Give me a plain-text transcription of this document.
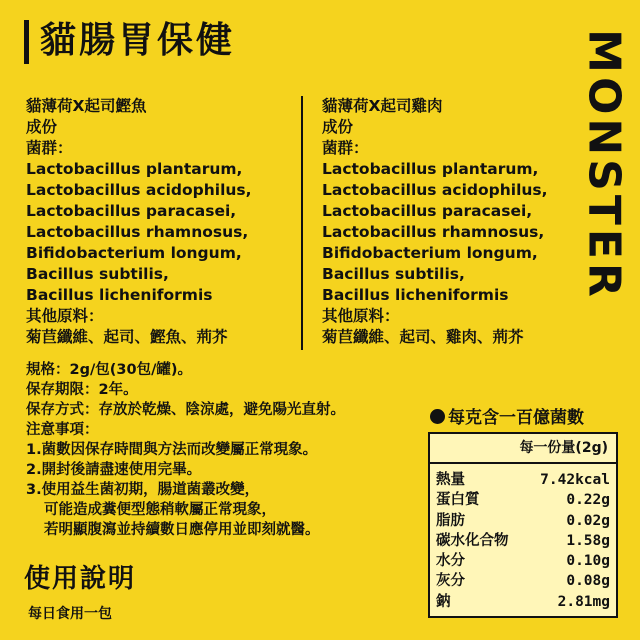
貓腸胃保健	MONSTER
貓薄荷X起司鰹魚
成份
菌群：
Lactobacillus plantarum,
Lactobacillus acidophilus,
Lactobacillus paracasei,
Lactobacillus rhamnosus,
Bifidobacterium longum,
Bacillus subtilis,
Bacillus licheniformis
其他原料：
菊苣纖維、起司、鰹魚、荊芥
貓薄荷X起司雞肉
成份
菌群：
Lactobacillus plantarum,
Lactobacillus acidophilus,
Lactobacillus paracasei,
Lactobacillus rhamnosus,
Bifidobacterium longum,
Bacillus subtilis,
Bacillus licheniformis
其他原料：
菊苣纖維、起司、雞肉、荊芥
規格：2g/包(30包/罐)。
保存期限：2年。
保存方式：存放於乾燥、陰涼處，避免陽光直射。
注意事項：
1.菌數因保存時間與方法而改變屬正常現象。
2.開封後請盡速使用完畢。
3.使用益生菌初期，腸道菌叢改變，
可能造成糞便型態稍軟屬正常現象，
若明顯腹瀉並持續數日應停用並即刻就醫。
使用說明
每日食用一包
每克含一百億菌數
每一份量(2g)
熱量	7.42kcal
蛋白質	0.22g
脂肪	0.02g
碳水化合物	1.58g
水分	0.10g
灰分	0.08g
鈉	2.81mg
